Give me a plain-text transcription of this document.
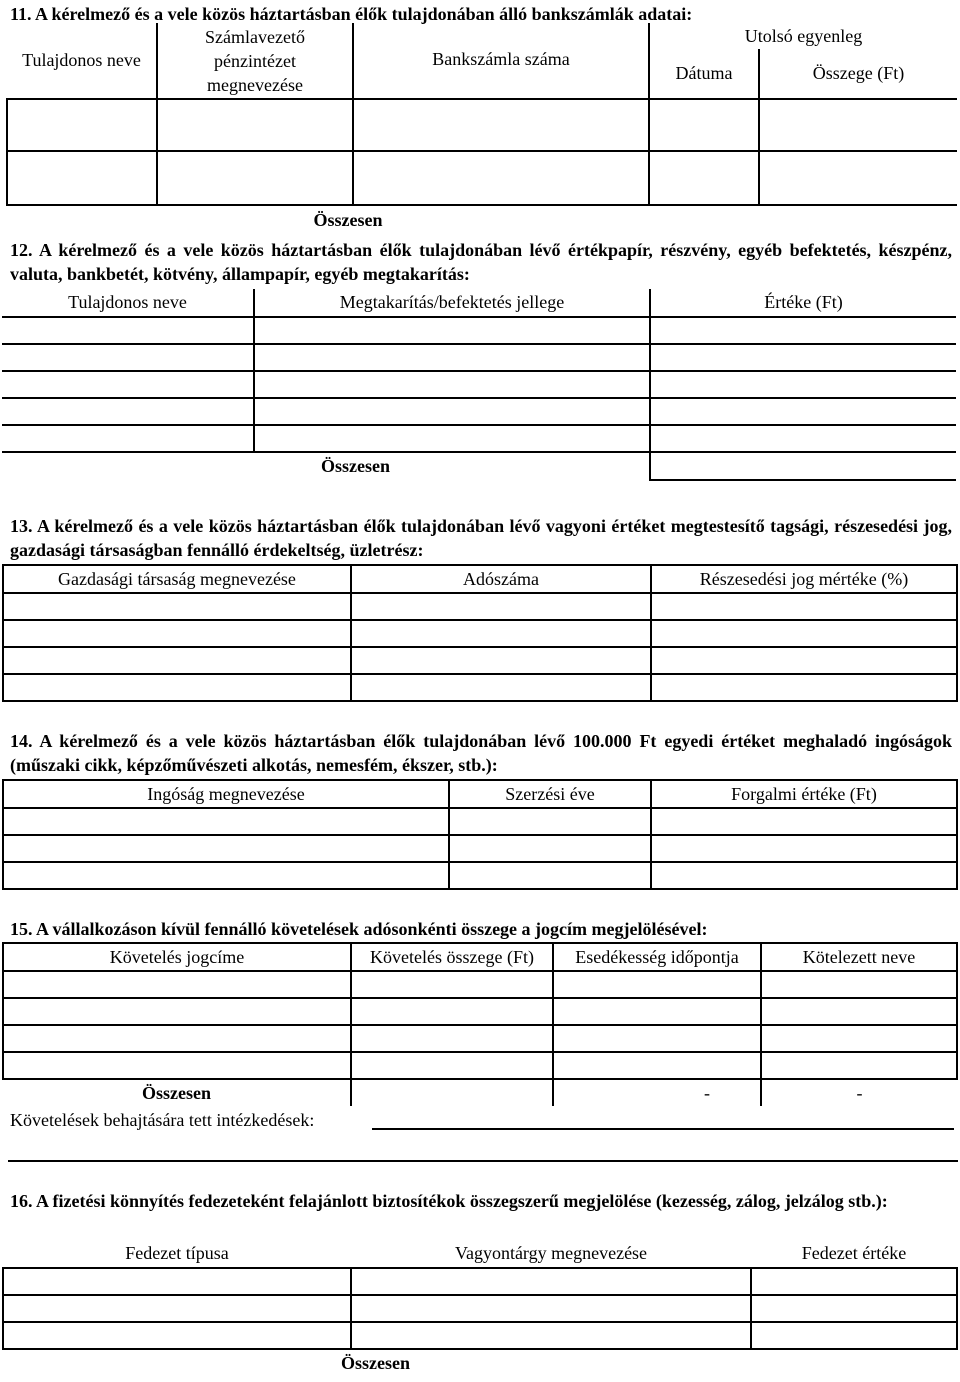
11. A kérelmező és a vele közös háztartásban élők tulajdonában álló bankszámlák adatai:
Tulajdonos neve	Számlavezető
pénzintézet
megnevezése	Bankszámla száma	Utolsó egyenleg	
			Dátuma	Összege (Ft)

Összesen				
12. A kérelmező és a vele közös háztartásban élők tulajdonában lévő értékpapír, részvény, egyéb befektetés, készpénz, valuta, bankbetét, kötvény, állampapír, egyéb megtakarítás:
Tulajdonos neve	Megtakarítás/befektetés jellege	Értéke (Ft)

Összesen		
13. A kérelmező és a vele közös háztartásban élők tulajdonában lévő vagyoni értéket megtestesítő tagsági, részesedési jog, gazdasági társaságban fennálló érdekeltség, üzletrész:
Gazdasági társaság megnevezése	Adószáma	Részesedési jog mértéke (%)

14. A kérelmező és a vele közös háztartásban élők tulajdonában lévő 100.000 Ft egyedi értéket meghaladó ingóságok (műszaki cikk, képzőművészeti alkotás, nemesfém, ékszer, stb.):
Ingóság megnevezése	Szerzési éve	Forgalmi értéke (Ft)

15. A vállalkozáson kívül fennálló követelések adósonkénti összege a jogcím megjelölésével:
Követelés jogcíme	Követelés összege (Ft)	Esedékesség időpontja	Kötelezett neve

Összesen		-	-
Követelések behajtására tett intézkedések:
16. A fizetési könnyítés fedezeteként felajánlott biztosítékok összegszerű megjelölése (kezesség, zálog, jelzálog stb.):
Fedezet típusa	Vagyontárgy megnevezése	Fedezet értéke

Összesen		
